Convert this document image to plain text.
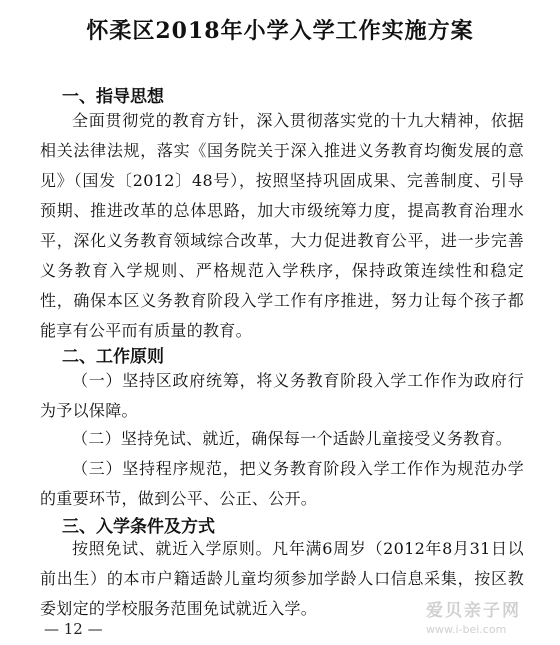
怀柔区2018年小学入学工作实施方案
一、指导思想
全面贯彻党的教育方针，深入贯彻落实党的十九大精神，依据相关法律法规，落实《国务院关于深入推进义务教育均衡发展的意见》（国发〔2012〕48号），按照坚持巩固成果、完善制度、引导预期、推进改革的总体思路，加大市级统筹力度，提高教育治理水平，深化义务教育领域综合改革，大力促进教育公平，进一步完善义务教育入学规则、严格规范入学秩序，保持政策连续性和稳定性，确保本区义务教育阶段入学工作有序推进，努力让每个孩子都能享有公平而有质量的教育。
二、工作原则
（一）坚持区政府统筹，将义务教育阶段入学工作作为政府行为予以保障。
（二）坚持免试、就近，确保每一个适龄儿童接受义务教育。
（三）坚持程序规范，把义务教育阶段入学工作作为规范办学的重要环节，做到公平、公正、公开。
三、入学条件及方式
按照免试、就近入学原则。凡年满6周岁（2012年8月31日以前出生）的本市户籍适龄儿童均须参加学龄人口信息采集，按区教委划定的学校服务范围免试就近入学。
— 12 —
爱贝亲子网
www.i-bei.com
